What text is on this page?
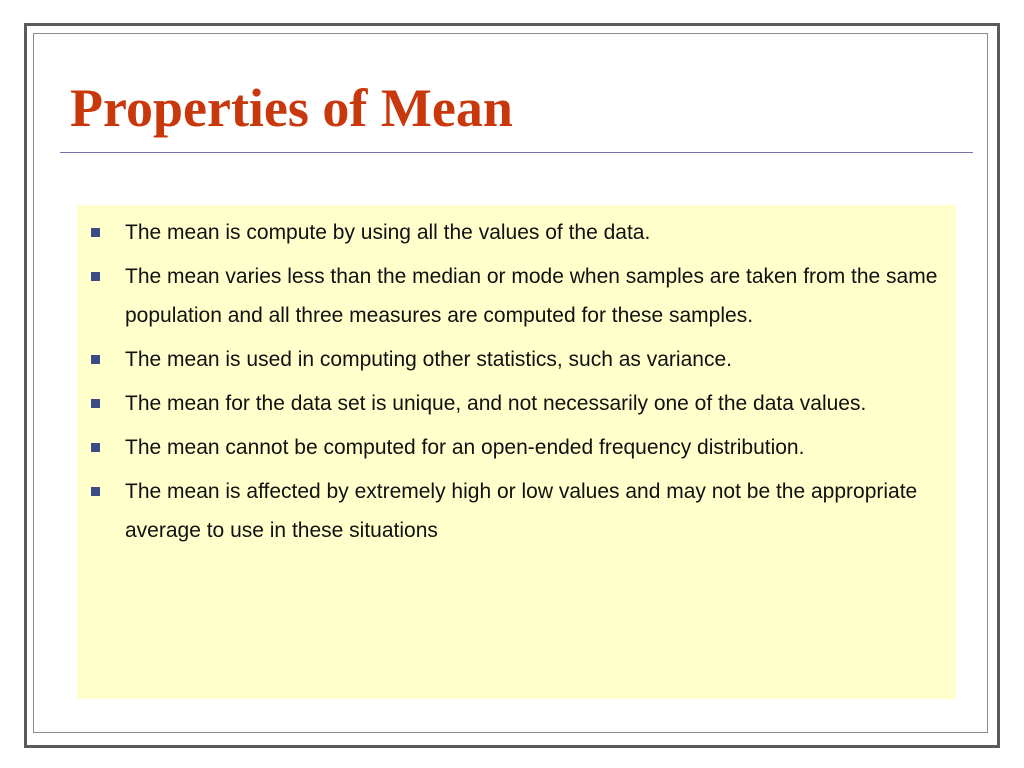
Properties of Mean
The mean is compute by using all the values of the data.
The mean varies less than the median or mode when samples are taken from the same population and all three measures are computed for these samples.
The mean is used in computing other statistics, such as variance.
The mean for the data set is unique, and not necessarily one of the data values.
The mean cannot be computed for an open-ended frequency distribution.
The mean is affected by extremely high or low values and may not be the appropriate average to use in these situations
